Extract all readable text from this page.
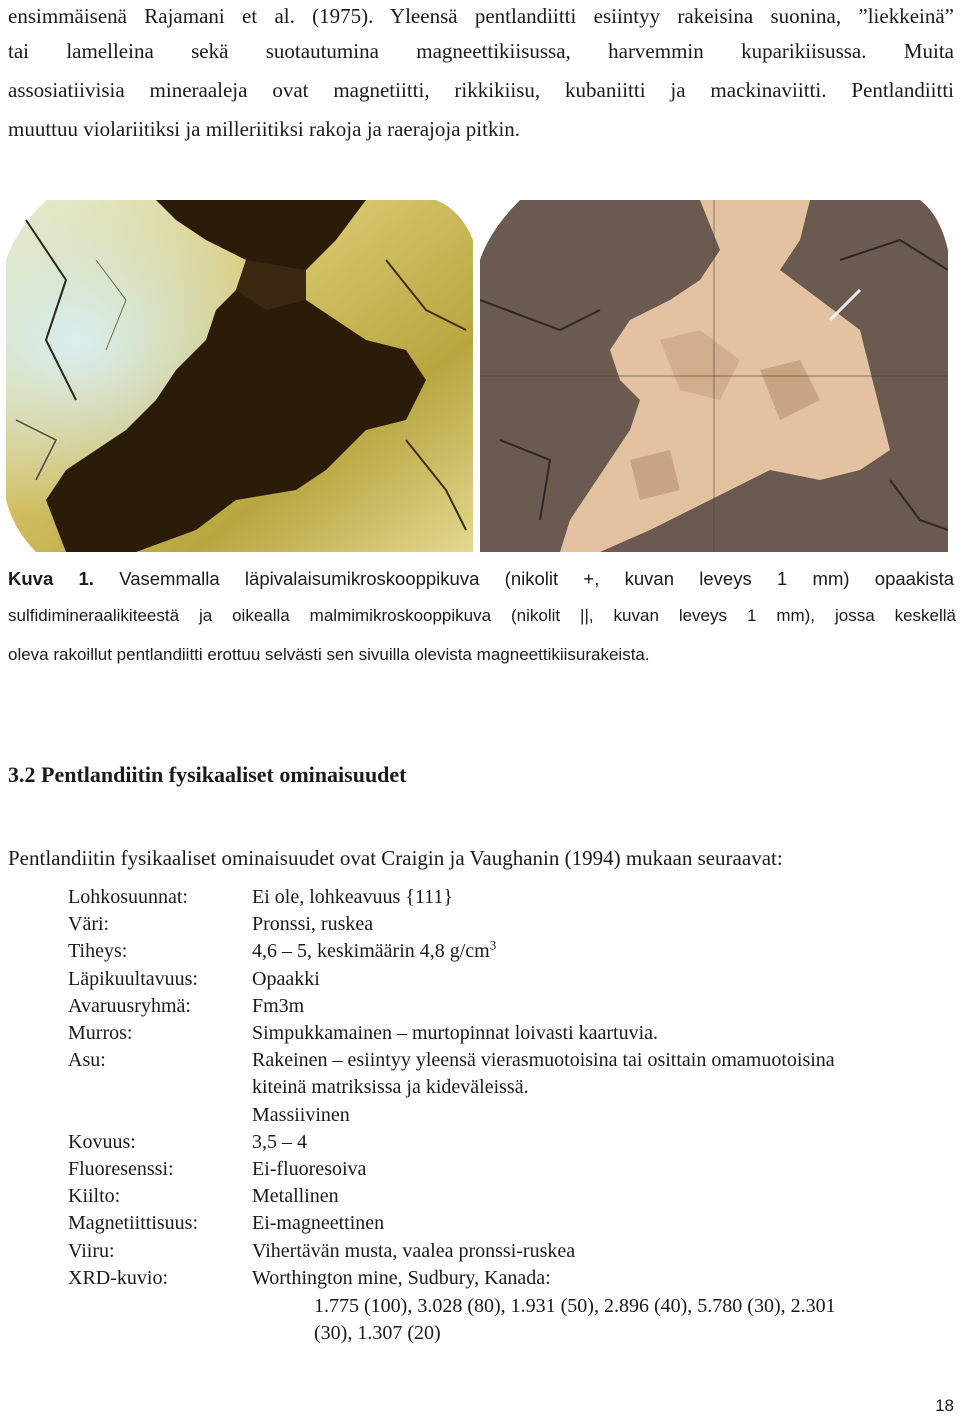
ensimmäisenä Rajamani et al. (1975). Yleensä pentlandiitti esiintyy rakeisina suonina, ”liekkeinä”
tai lamelleina sekä suotautumina magneettikiisussa, harvemmin kuparikiisussa. Muita
assosiatiivisia mineraaleja ovat magnetiitti, rikkikiisu, kubaniitti ja mackinaviitti. Pentlandiitti
muuttuu violariitiksi ja milleriitiksi rakoja ja raerajoja pitkin.
Kuva 1. Vasemmalla läpivalaisumikroskooppikuva (nikolit +, kuvan leveys 1 mm) opaakista
sulfidimineraalikiteestä ja oikealla malmimikroskooppikuva (nikolit ||, kuvan leveys 1 mm), jossa keskellä
oleva rakoillut pentlandiitti erottuu selvästi sen sivuilla olevista magneettikiisurakeista.
3.2 Pentlandiitin fysikaaliset ominaisuudet
Pentlandiitin fysikaaliset ominaisuudet ovat Craigin ja Vaughanin (1994) mukaan seuraavat:
Lohkosuunnat:	Ei ole, lohkeavuus {111}
Väri:	Pronssi, ruskea
Tiheys:	4,6 – 5, keskimäärin 4,8 $g/cm^3$
Läpikuultavuus:	Opaakki
Avaruusryhmä:	Fm3m
Murros:	Simpukkamainen – murtopinnat loivasti kaartuvia.
Asu:	Rakeinen – esiintyy yleensä vierasmuotoisina tai osittain omamuotoisina
kiteinä matriksissa ja kideväleissä.
Massiivinen
Kovuus:	3,5 – 4
Fluoresenssi:	Ei-fluoresoiva
Kiilto:	Metallinen
Magnetiittisuus:	Ei-magneettinen
Viiru:	Vihertävän musta, vaalea pronssi-ruskea
XRD-kuvio:	Worthington mine, Sudbury, Kanada:
1.775 (100), 3.028 (80), 1.931 (50), 2.896 (40), 5.780 (30), 2.301
(30), 1.307 (20)
18
